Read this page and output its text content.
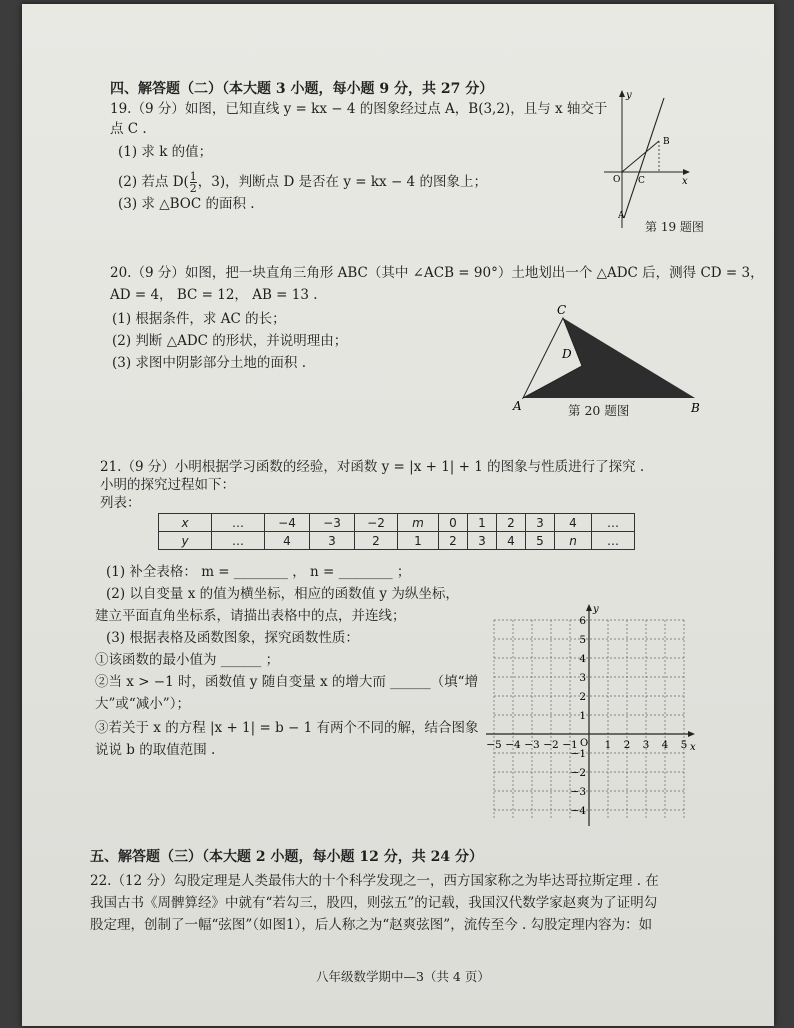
四、解答题（二）（本大题 3 小题，每小题 9 分，共 27 分）
19.（9 分）如图，已知直线 y = kx − 4 的图象经过点 A，B(3,2)，且与 x 轴交于
点 C .
(1) 求 k 的值；
(2) 若点 $D( \frac{1}{2}$ ，3)，判断点 D 是否在 y = kx − 4 的图象上；
(3) 求 △BOC 的面积 .
y
x
O C
B
A
第 19 题图
20.（9 分）如图，把一块直角三角形 ABC（其中 ∠ACB = 90°）土地划出一个 △ADC 后，测得 CD = 3，
AD = 4， BC = 12， AB = 13 .
(1) 根据条件，求 AC 的长；
(2) 判断 △ADC 的形状，并说明理由；
(3) 求图中阴影部分土地的面积 .
C
D
A	B
第 20 题图
21.（9 分）小明根据学习函数的经验，对函数 y = |x + 1| + 1 的图象与性质进行了探究 .
小明的探究过程如下：
列表：
x	…	−4	−3	−2	m	0	1	2	3	4	…
y	…	4	3	2	1	2	3	4	5	n	…
(1) 补全表格： m = ________ ， n = ________ ；
(2) 以自变量 x 的值为横坐标，相应的函数值 y 为纵坐标，
建立平面直角坐标系，请描出表格中的点，并连线；
(3) 根据表格及函数图象，探究函数性质：
①该函数的最小值为 ______ ；
②当 x > −1 时，函数值 y 随自变量 x 的增大而 ______（填“增
大”或“减小”）；
③若关于 x 的方程 |x + 1| = b − 1 有两个不同的解，结合图象
说说 b 的取值范围 .
y
x
O
−5 −4 −3 −2 −1	1 2 3 4 5
6
5
4
3
2
1
−1
−2
−3
−4
五、解答题（三）（本大题 2 小题，每小题 12 分，共 24 分）
22.（12 分）勾股定理是人类最伟大的十个科学发现之一，西方国家称之为毕达哥拉斯定理 . 在
我国古书《周髀算经》中就有“若勾三，股四，则弦五”的记载，我国汉代数学家赵爽为了证明勾
股定理，创制了一幅“弦图”（如图1），后人称之为“赵爽弦图”，流传至今 . 勾股定理内容为：如
八年级数学期中—3（共 4 页）
